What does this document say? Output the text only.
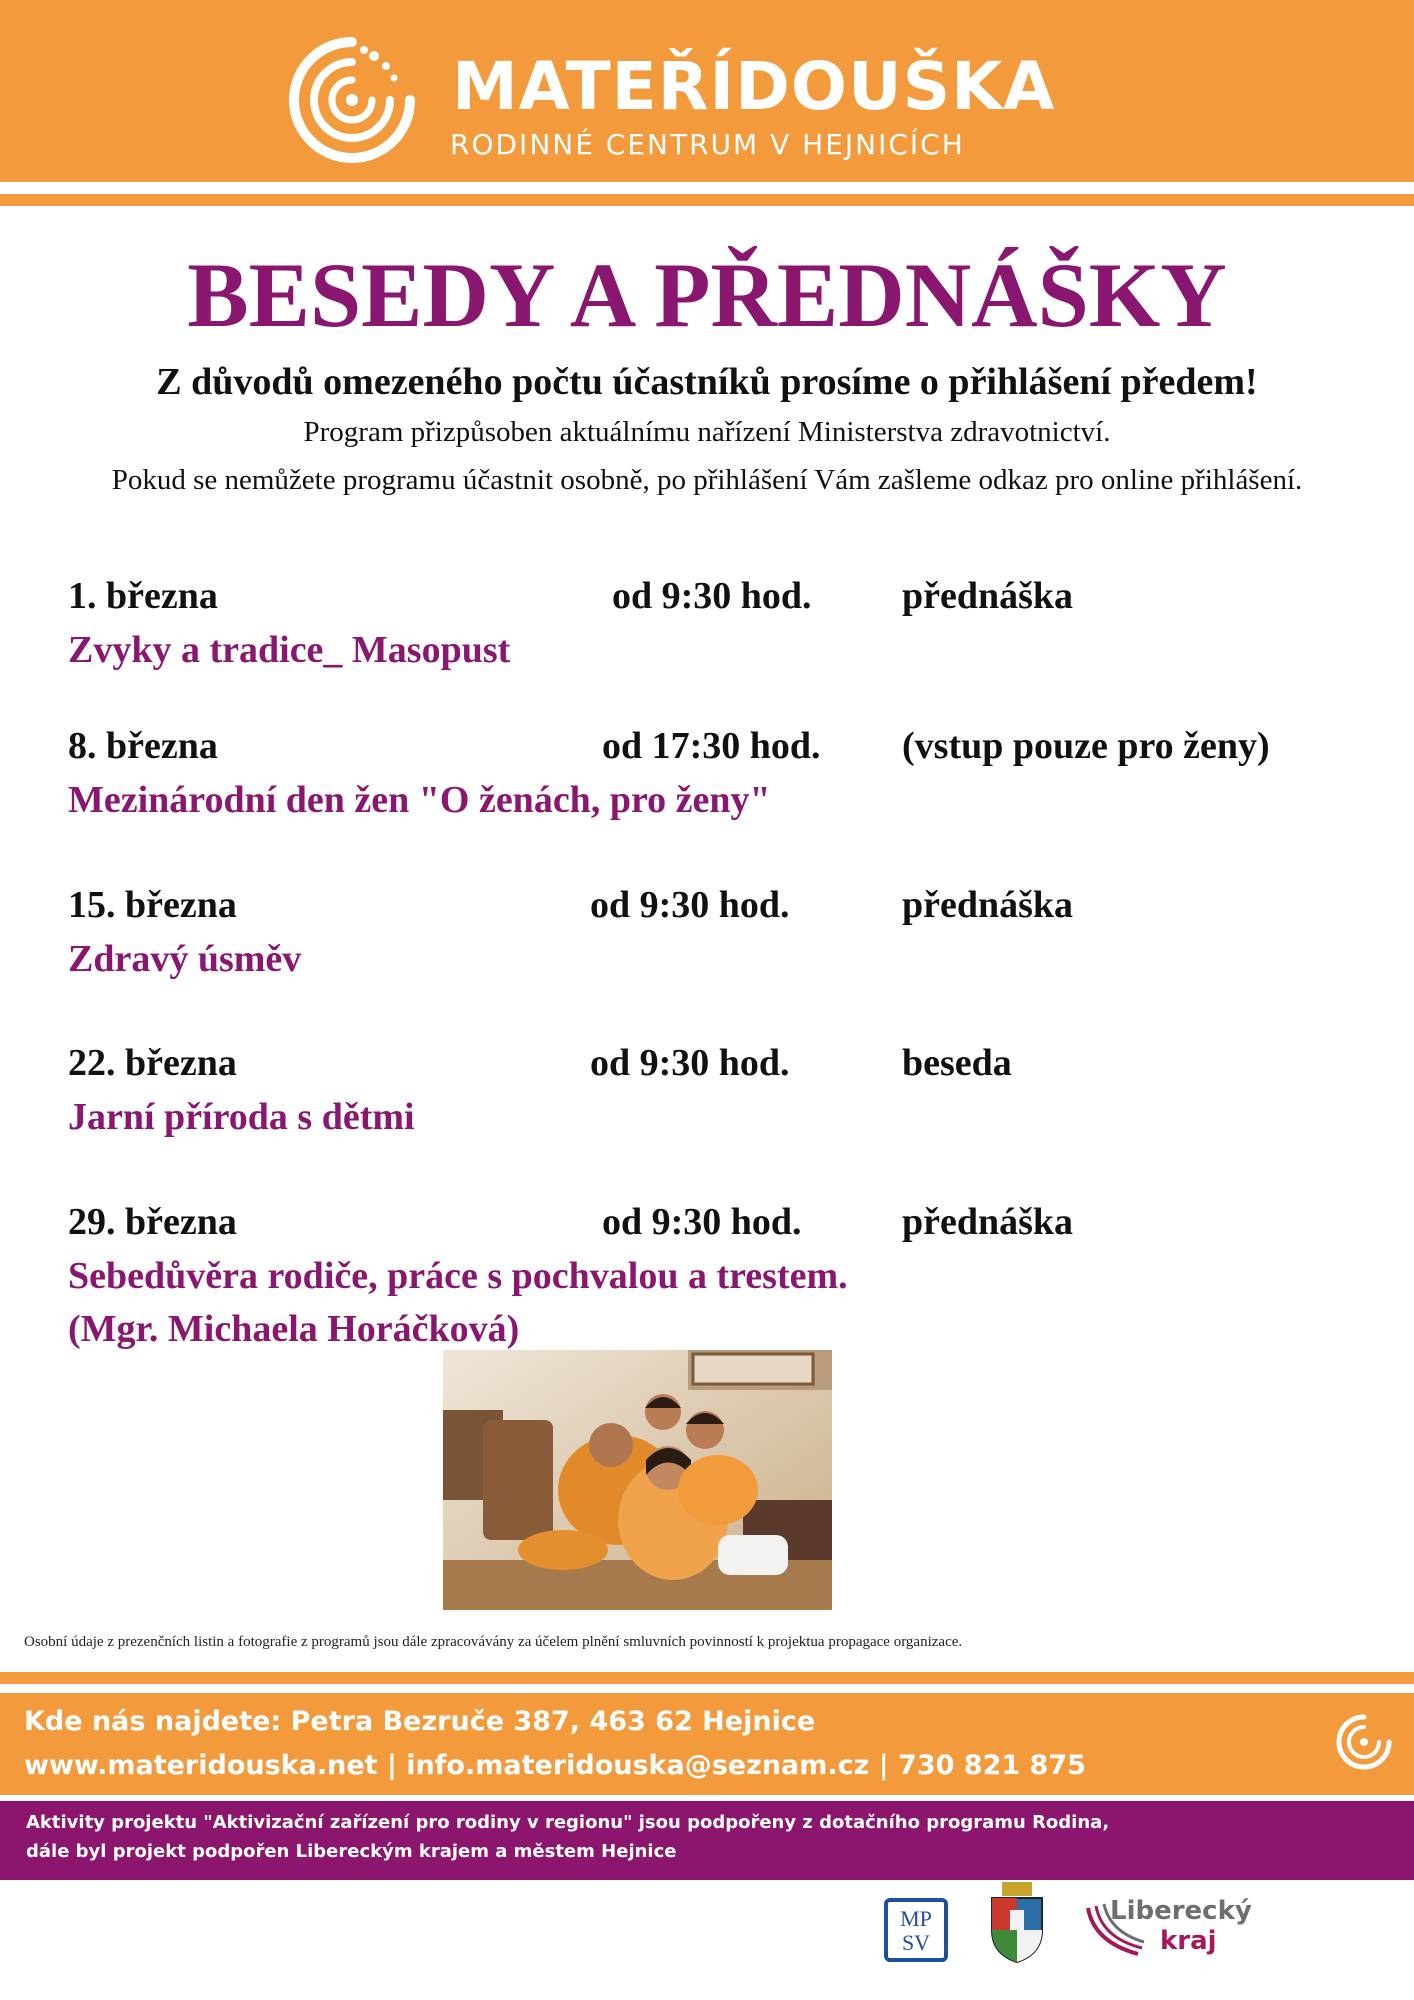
MATEŘÍDOUŠKA
RODINNÉ CENTRUM V HEJNICÍCH
BESEDY A PŘEDNÁŠKY
Z důvodů omezeného počtu účastníků prosíme o přihlášení předem!
Program přizpůsoben aktuálnímu nařízení Ministerstva zdravotnictví.
Pokud se nemůžete programu účastnit osobně, po přihlášení Vám zašleme odkaz pro online přihlášení.
1. března	od 9:30 hod. přednáška
Zvyky a tradice_ Masopust
8. března	od 17:30 hod. (vstup pouze pro ženy)
Mezinárodní den žen "O ženách, pro ženy"
15. března	od 9:30 hod.	přednáška
Zdravý úsměv
22. března	od 9:30 hod.	beseda
Jarní příroda s dětmi
29. března	od 9:30 hod.	přednáška
Sebedůvěra rodiče, práce s pochvalou a trestem.
(Mgr. Michaela Horáčková)
Osobní údaje z prezenčních listin a fotografie z programů jsou dále zpracovávány za účelem plnění smluvních povinností k projektua propagace organizace.
Kde nás najdete: Petra Bezruče 387, 463 62 Hejnice
www.materidouska.net | info.materidouska@seznam.cz | 730 821 875
Aktivity projektu "Aktivizační zařízení pro rodiny v regionu" jsou podpořeny z dotačního programu Rodina,
dále byl projekt podpořen Libereckým krajem a městem Hejnice
MP
SV
Liberecký
kraj
